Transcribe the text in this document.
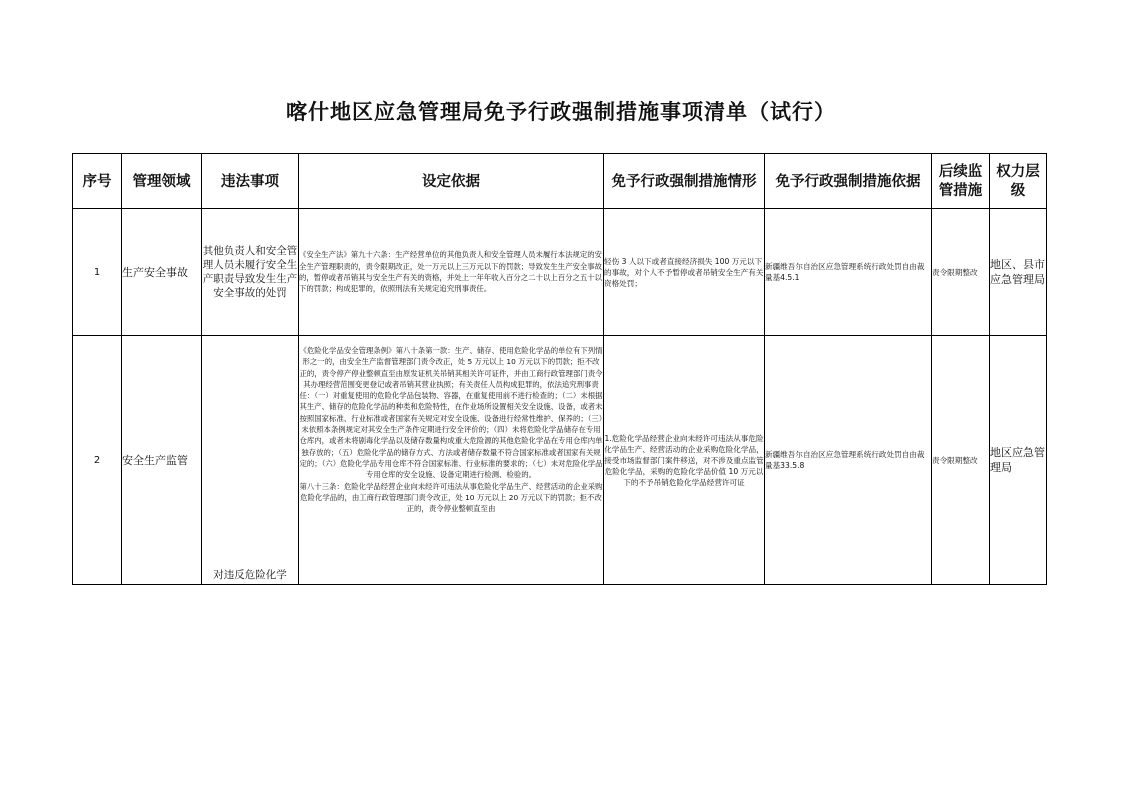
喀什地区应急管理局免予行政强制措施事项清单（试行）
序号	管理领域	违法事项	设定依据	免予行政强制措施情形	免予行政强制措施依据	后续监管措施	权力层级
1	生产安全事故	其他负责人和安全管理人员未履行安全生产职责导致发生生产安全事故的处罚	《安全生产法》第九十六条：生产经营单位的其他负责人和安全管理人员未履行本法规定的安全生产管理职责的，责令限期改正，处一万元以上三万元以下的罚款；导致发生生产安全事故的，暂停或者吊销其与安全生产有关的资格，并处上一年年收入百分之二十以上百分之五十以下的罚款；构成犯罪的，依照刑法有关规定追究刑事责任。	轻伤 3 人以下或者直接经济损失 100 万元以下的事故，对个人不予暂停或者吊销安全生产有关资格处罚；	新疆维吾尔自治区应急管理系统行政处罚自由裁量基4.5.1	责令限期整改	地区、县市应急管理局
2	安全生产监管	对违反危险化学	《危险化学品安全管理条例》第八十条第一款：生产、储存、使用危险化学品的单位有下列情形之一的，由安全生产监督管理部门责令改正，处 5 万元以上 10 万元以下的罚款；拒不改正的，责令停产停业整顿直至由原发证机关吊销其相关许可证件，并由工商行政管理部门责令其办理经营范围变更登记或者吊销其营业执照；有关责任人员构成犯罪的，依法追究刑事责任：（一）对重复使用的危险化学品包装物、容器，在重复使用前不进行检查的；（二）未根据其生产、储存的危险化学品的种类和危险特性，在作业场所设置相关安全设施、设备，或者未按照国家标准、行业标准或者国家有关规定对安全设施、设备进行经常性维护、保养的；（三）未依照本条例规定对其安全生产条件定期进行安全评价的；（四）未将危险化学品储存在专用仓库内，或者未将剧毒化学品以及储存数量构成重大危险源的其他危险化学品在专用仓库内单独存放的；（五）危险化学品的储存方式、方法或者储存数量不符合国家标准或者国家有关规定的；（六）危险化学品专用仓库不符合国家标准、行业标准的要求的；（七）未对危险化学品专用仓库的安全设施、设备定期进行检测、检验的。
第八十三条：危险化学品经营企业向未经许可违法从事危险化学品生产、经营活动的企业采购危险化学品的，由工商行政管理部门责令改正，处 10 万元以上 20 万元以下的罚款；拒不改正的，责令停业整顿直至由	1.危险化学品经营企业向未经许可违法从事危险化学品生产、经营活动的企业采购危险化学品，接受市场监督部门案件移送，对不涉及重点监管危险化学品，采购的危险化学品价值 10 万元以下的不予吊销危险化学品经营许可证	新疆维吾尔自治区应急管理系统行政处罚自由裁量基33.5.8	责令限期整改	地区应急管理局
